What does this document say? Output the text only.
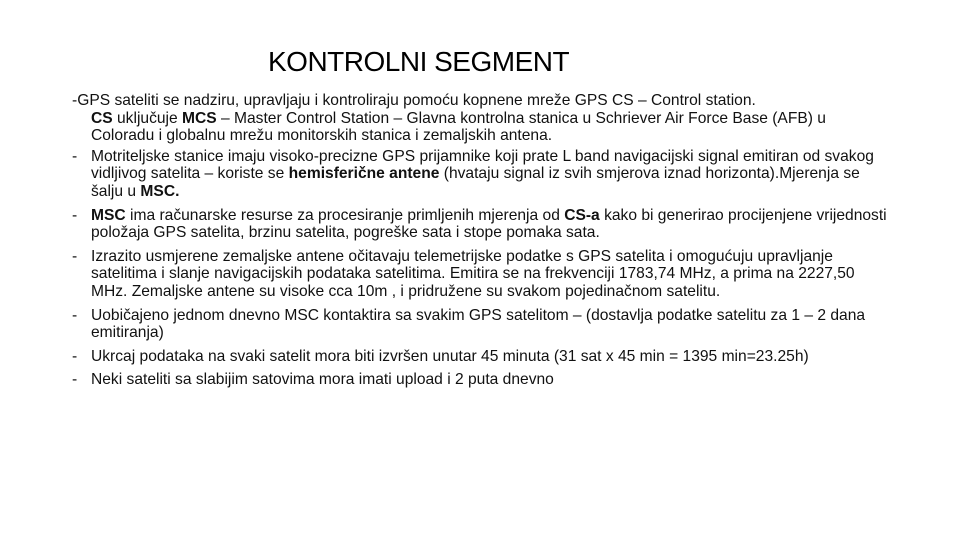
KONTROLNI SEGMENT
-GPS sateliti se nadziru, upravljaju i kontroliraju pomoću kopnene mreže GPS CS – Control station.
CS uključuje MCS – Master Control Station – Glavna kontrolna stanica u Schriever Air Force Base (AFB) u Coloradu i globalnu mrežu monitorskih stanica i zemaljskih antena.
- Motriteljske stanice imaju visoko-precizne GPS prijamnike koji prate L band navigacijski signal emitiran od svakog vidljivog satelita – koriste se hemisferične antene (hvataju signal iz svih smjerova iznad horizonta).Mjerenja se šalju u MSC.
- MSC ima računarske resurse za procesiranje primljenih mjerenja od CS-a kako bi generirao procijenjene vrijednosti položaja GPS satelita, brzinu satelita, pogreške sata i stope pomaka sata.
- Izrazito usmjerene zemaljske antene očitavaju telemetrijske podatke s GPS satelita i omogućuju upravljanje satelitima i slanje navigacijskih podataka satelitima. Emitira se na frekvenciji 1783,74 MHz, a prima na 2227,50 MHz. Zemaljske antene su visoke cca 10m , i pridružene su svakom pojedinačnom satelitu.
- Uobičajeno jednom dnevno MSC kontaktira sa svakim GPS satelitom – (dostavlja podatke satelitu za 1 – 2 dana emitiranja)
- Ukrcaj podataka na svaki satelit mora biti izvršen unutar 45 minuta (31 sat x 45 min = 1395 min=23.25h)
- Neki sateliti sa slabijim satovima mora imati upload i 2 puta dnevno
